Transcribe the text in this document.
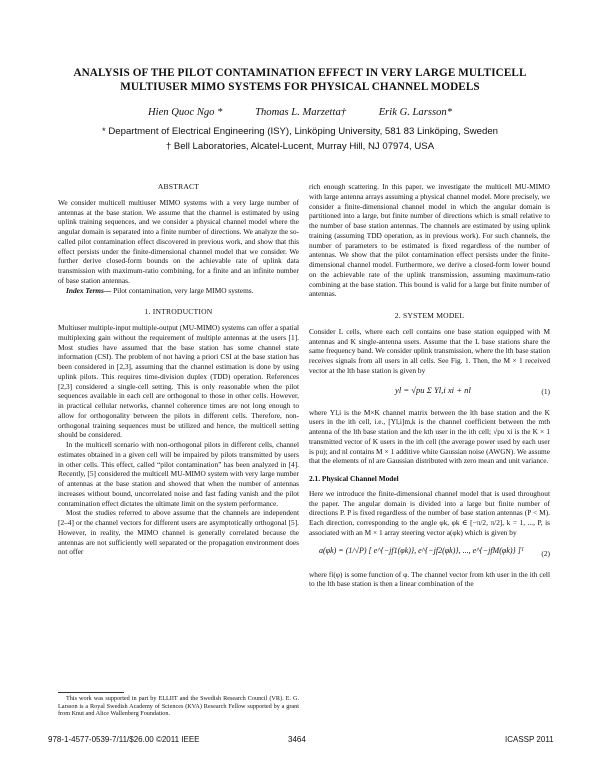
ANALYSIS OF THE PILOT CONTAMINATION EFFECT IN VERY LARGE MULTICELL MULTIUSER MIMO SYSTEMS FOR PHYSICAL CHANNEL MODELS
Hien Quoc Ngo *	Thomas L. Marzetta†	Erik G. Larsson*
* Department of Electrical Engineering (ISY), Linköping University, 581 83 Linköping, Sweden
† Bell Laboratories, Alcatel-Lucent, Murray Hill, NJ 07974, USA
ABSTRACT

We consider multicell multiuser MIMO systems with a very large number of antennas at the base station. We assume that the channel is estimated by using uplink training sequences, and we consider a physical channel model where the angular domain is separated into a finite number of directions. We analyze the so-called pilot contamination effect discovered in previous work, and show that this effect persists under the finite-dimensional channel model that we consider. We further derive closed-form bounds on the achievable rate of uplink data transmission with maximum-ratio combining, for a finite and an infinite number of base station antennas.

Index Terms— Pilot contamination, very large MIMO systems.

1. INTRODUCTION

Multiuser multiple-input multiple-output (MU-MIMO) systems can offer a spatial multiplexing gain without the requirement of multiple antennas at the users [1]. Most studies have assumed that the base station has some channel state information (CSI). The problem of not having a priori CSI at the base station has been considered in [2,3], assuming that the channel estimation is done by using uplink pilots. This requires time-division duplex (TDD) operation. References [2,3] considered a single-cell setting. This is only reasonable when the pilot sequences available in each cell are orthogonal to those in other cells. However, in practical cellular networks, channel coherence times are not long enough to allow for orthogonality between the pilots in different cells. Therefore, non-orthogonal training sequences must be utilized and hence, the multicell setting should be considered.

In the multicell scenario with non-orthogonal pilots in different cells, channel estimates obtained in a given cell will be impaired by pilots transmitted by users in other cells. This effect, called “pilot contamination” has been analyzed in [4]. Recently, [5] considered the multicell MU-MIMO system with very large number of antennas at the base station and showed that when the number of antennas increases without bound, uncorrelated noise and fast fading vanish and the pilot contamination effect dictates the ultimate limit on the system performance.

Most the studies referred to above assume that the channels are independent [2–4] or the channel vectors for different users are asymptotically orthogonal [5]. However, in reality, the MIMO channel is generally correlated because the antennas are not sufficiently well separated or the propagation environment does not offer

This work was supported in part by ELLIIT and the Swedish Research Council (VR). E. G. Larsson is a Royal Swedish Academy of Sciences (KVA) Research Fellow supported by a grant from Knut and Alice Wallenberg Foundation.

rich enough scattering. In this paper, we investigate the multicell MU-MIMO with large antenna arrays assuming a physical channel model. More precisely, we consider a finite-dimensional channel model in which the angular domain is partitioned into a large, but finite number of directions which is small relative to the number of base station antennas. The channels are estimated by using uplink training (assuming TDD operation, as in previous work). For such channels, the number of parameters to be estimated is fixed regardless of the number of antennas. We show that the pilot contamination effect persists under the finite-dimensional channel model. Furthermore, we derive a closed-form lower bound on the achievable rate of the uplink transmission, assuming maximum-ratio combining at the base station. This bound is valid for a large but finite number of antennas.

2. SYSTEM MODEL

Consider L cells, where each cell contains one base station equipped with M antennas and K single-antenna users. Assume that the L base stations share the same frequency band. We consider uplink transmission, where the lth base station receives signals from all users in all cells. See Fig. 1. Then, the M × 1 received vector at the lth base station is given by

yl = √pu Σ Υl,i xi + nl	(1)

where Υl,i is the M×K channel matrix between the lth base station and the K users in the ith cell, i.e., [Υl,i]m,k is the channel coefficient between the mth antenna of the lth base station and the kth user in the ith cell; √pu xi is the K × 1 transmitted vector of K users in the ith cell (the average power used by each user is pu); and nl contains M × 1 additive white Gaussian noise (AWGN). We assume that the elements of nl are Gaussian distributed with zero mean and unit variance.

2.1. Physical Channel Model

Here we introduce the finite-dimensional channel model that is used throughout the paper. The angular domain is divided into a large but finite number of directions P. P is fixed regardless of the number of base station antennas (P < M). Each direction, corresponding to the angle φk, φk ∈ [−π/2, π/2], k = 1, ..., P, is associated with an M × 1 array steering vector a(φk) which is given by

a(φk) = (1/√P) [ e^{−jf1(φk)}, e^{−jf2(φk)}, ..., e^{−jfM(φk)} ]ᵀ (2)

where fi(φ) is some function of φ. The channel vector from kth user in the ith cell to the lth base station is then a linear combination of the

978-1-4577-0539-7/11/$26.00 ©2011 IEEE	3464	ICASSP 2011
